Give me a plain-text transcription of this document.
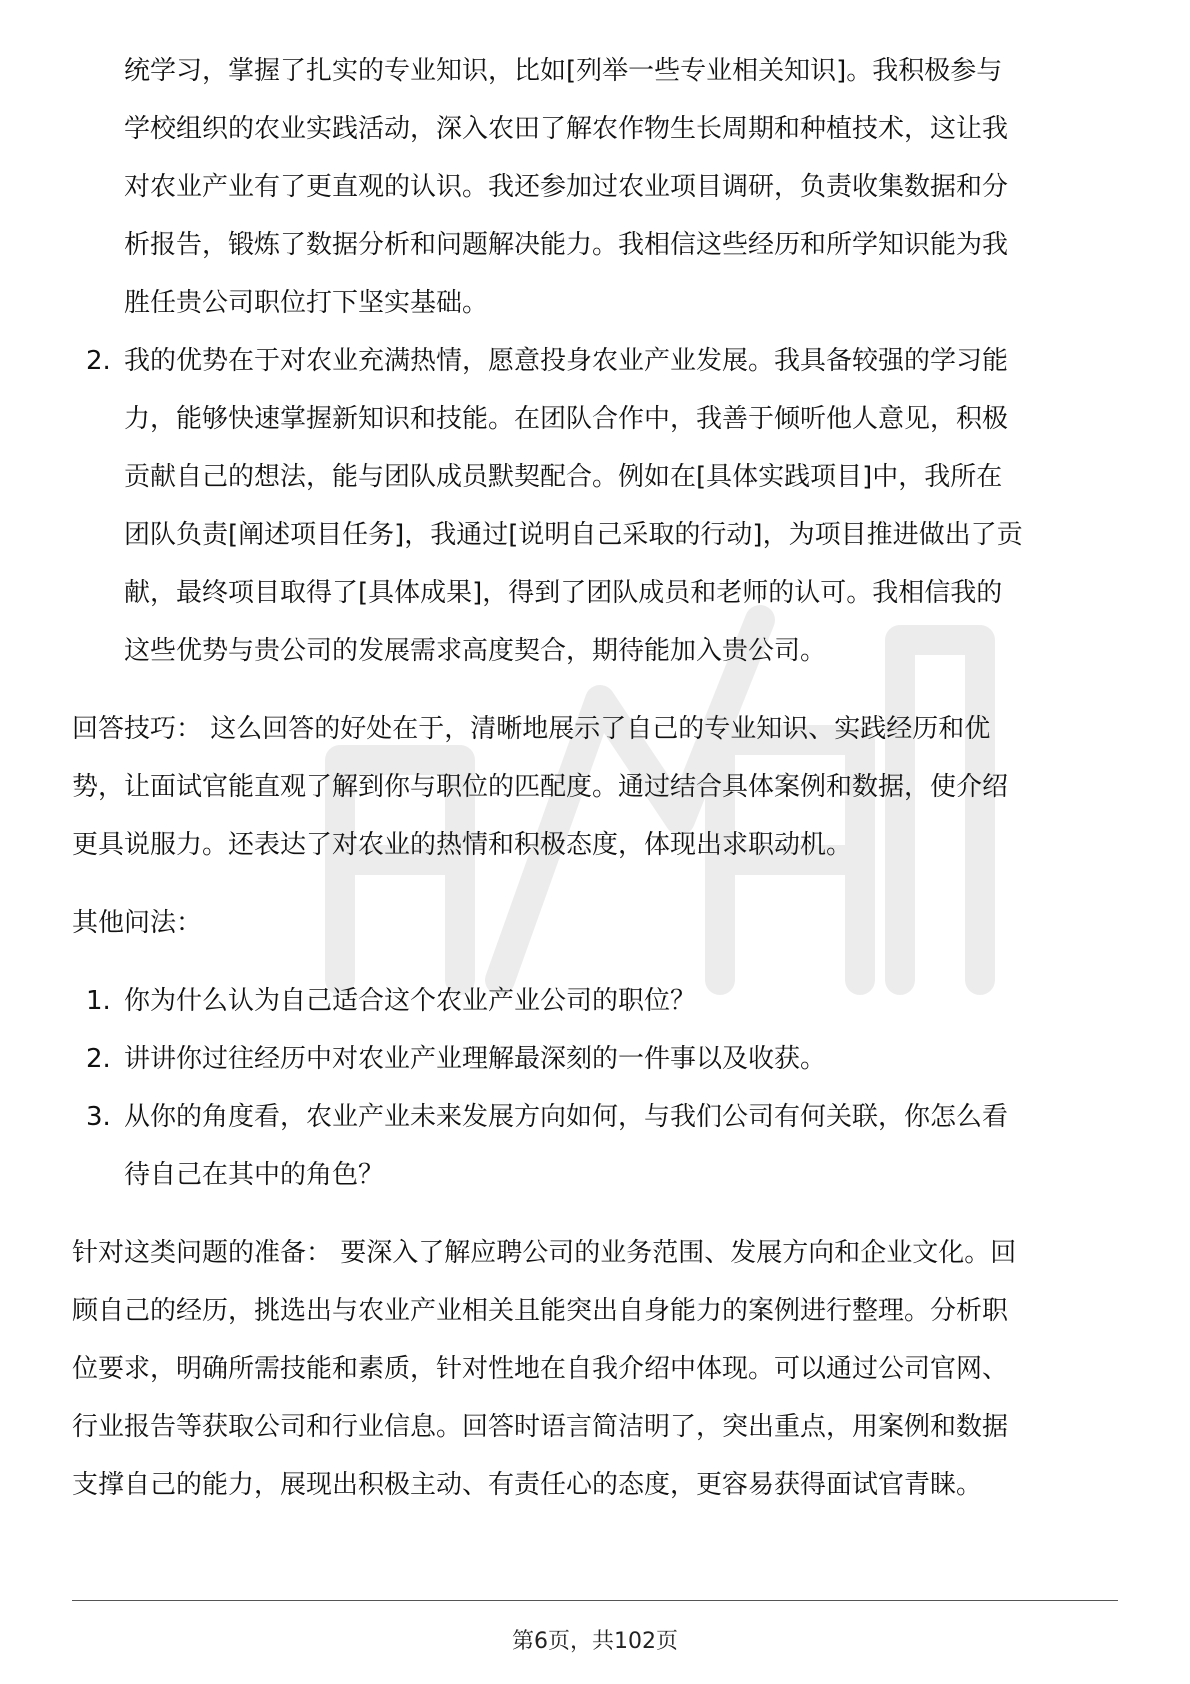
统学习，掌握了扎实的专业知识，比如[列举一些专业相关知识]。我积极参与
学校组织的农业实践活动，深入农田了解农作物生长周期和种植技术，这让我
对农业产业有了更直观的认识。我还参加过农业项目调研，负责收集数据和分
析报告，锻炼了数据分析和问题解决能力。我相信这些经历和所学知识能为我
胜任贵公司职位打下坚实基础。
2. 我的优势在于对农业充满热情，愿意投身农业产业发展。我具备较强的学习能
力，能够快速掌握新知识和技能。在团队合作中，我善于倾听他人意见，积极
贡献自己的想法，能与团队成员默契配合。例如在[具体实践项目]中，我所在
团队负责[阐述项目任务]，我通过[说明自己采取的行动]，为项目推进做出了贡
献，最终项目取得了[具体成果]，得到了团队成员和老师的认可。我相信我的
这些优势与贵公司的发展需求高度契合，期待能加入贵公司。
回答技巧： 这么回答的好处在于，清晰地展示了自己的专业知识、实践经历和优
势，让面试官能直观了解到你与职位的匹配度。通过结合具体案例和数据，使介绍
更具说服力。还表达了对农业的热情和积极态度，体现出求职动机。
其他问法：
1. 你为什么认为自己适合这个农业产业公司的职位？
2. 讲讲你过往经历中对农业产业理解最深刻的一件事以及收获。
3. 从你的角度看，农业产业未来发展方向如何，与我们公司有何关联，你怎么看
待自己在其中的角色？
针对这类问题的准备： 要深入了解应聘公司的业务范围、发展方向和企业文化。回
顾自己的经历，挑选出与农业产业相关且能突出自身能力的案例进行整理。分析职
位要求，明确所需技能和素质，针对性地在自我介绍中体现。可以通过公司官网、
行业报告等获取公司和行业信息。回答时语言简洁明了，突出重点，用案例和数据
支撑自己的能力，展现出积极主动、有责任心的态度，更容易获得面试官青睐。
第6页，共102页
